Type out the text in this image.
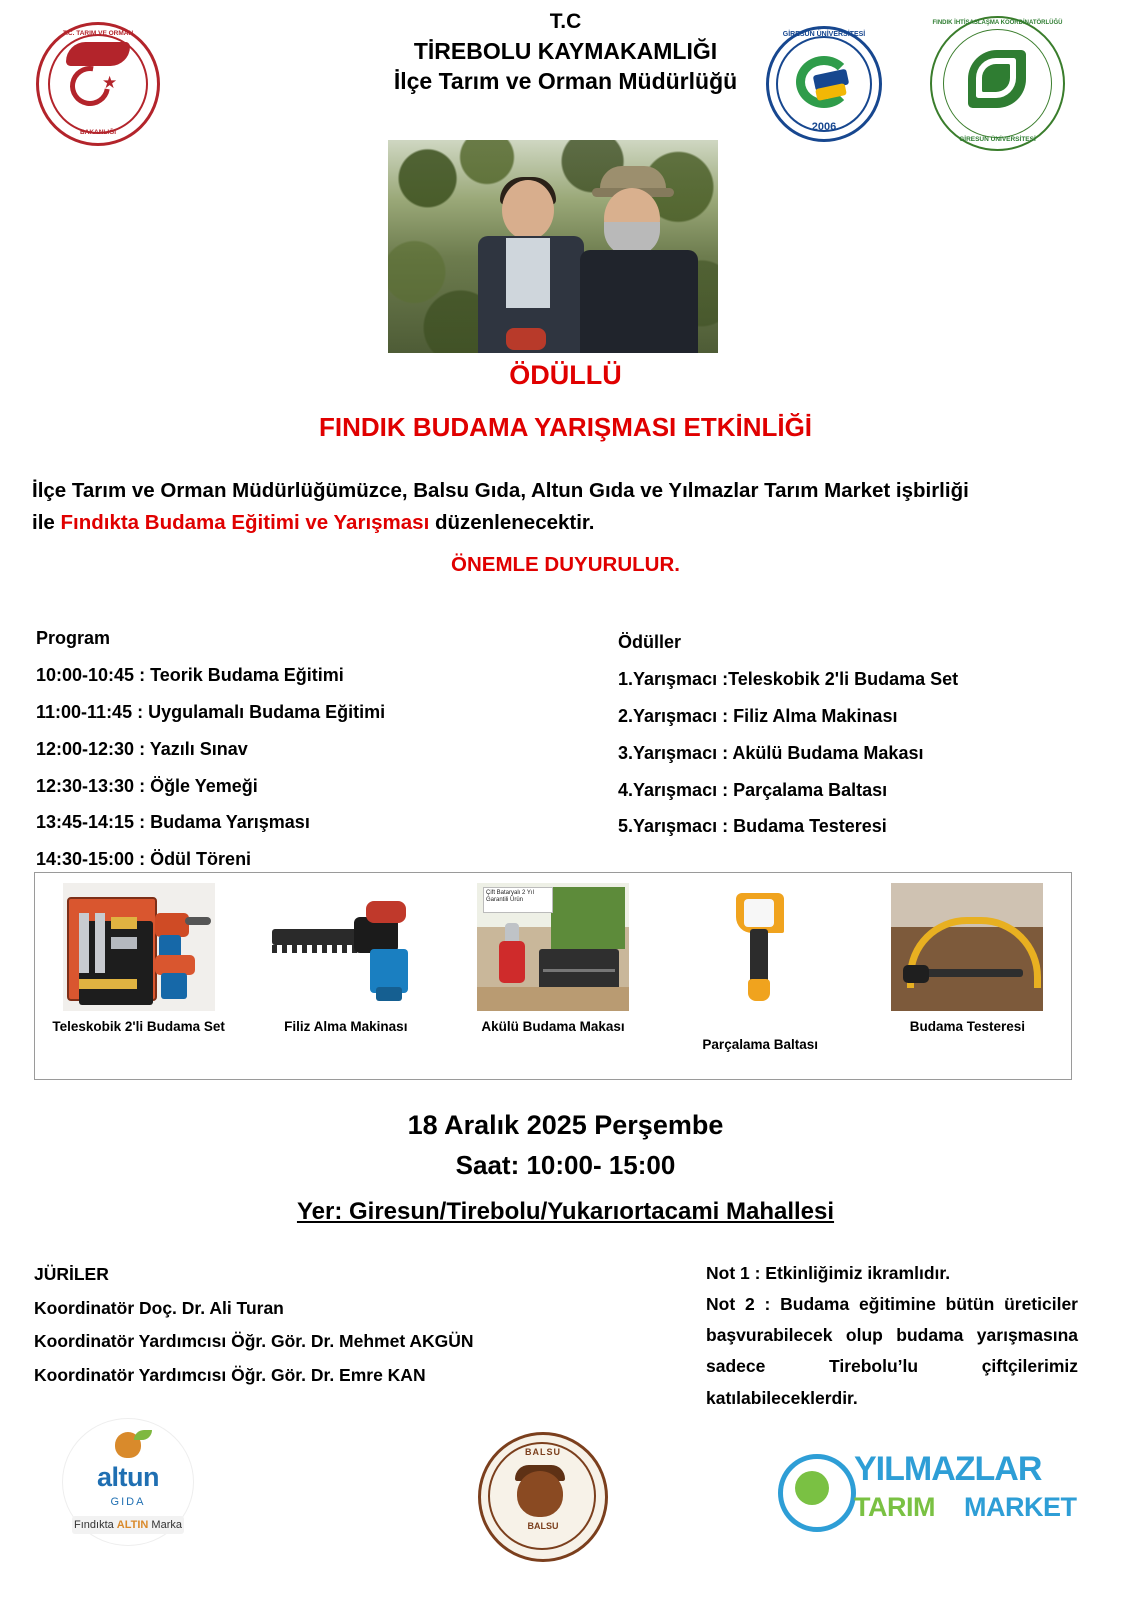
T.C. TARIM VE ORMAN
★
BAKANLIĞI
T.C
TİREBOLU KAYMAKAMLIĞI
İlçe Tarım ve Orman Müdürlüğü
GİRESUN ÜNİVERSİTESİ
2006
FINDIK İHTİSASLAŞMA KOORDİNATÖRLÜĞÜ
GİRESUN ÜNİVERSİTESİ
ÖDÜLLÜ
FINDIK BUDAMA YARIŞMASI ETKİNLİĞİ
İlçe Tarım ve Orman Müdürlüğümüzce, Balsu Gıda, Altun Gıda ve Yılmazlar Tarım Market işbirliği
ile Fındıkta Budama Eğitimi ve Yarışması düzenlenecektir.
ÖNEMLE DUYURULUR.
Program
10:00-10:45 : Teorik Budama Eğitimi
11:00-11:45 : Uygulamalı Budama Eğitimi
12:00-12:30 : Yazılı Sınav
12:30-13:30 : Öğle Yemeği
13:45-14:15 : Budama Yarışması
14:30-15:00 : Ödül Töreni
Ödüller
1.Yarışmacı :Teleskobik 2'li Budama Set
2.Yarışmacı : Filiz Alma Makinası
3.Yarışmacı : Akülü Budama Makası
4.Yarışmacı : Parçalama Baltası
5.Yarışmacı : Budama Testeresi
Teleskobik 2'li Budama Set	Filiz Alma Makinası
Çift Bataryalı 2 Yıl Garantili Ürün
Akülü Budama Makası
Parçalama Baltası
Budama Testeresi
18 Aralık 2025 Perşembe
Saat: 10:00- 15:00
Yer: Giresun/Tirebolu/Yukarıortacami Mahallesi
JÜRİLER
Koordinatör Doç. Dr. Ali Turan
Koordinatör Yardımcısı Öğr. Gör. Dr. Mehmet AKGÜN
Koordinatör Yardımcısı Öğr. Gör. Dr. Emre KAN
Not 1 : Etkinliğimiz ikramlıdır.
Not 2 : Budama eğitimine bütün üreticiler başvurabilecek olup budama yarışmasına sadece Tirebolu’lu çiftçilerimiz katılabileceklerdir.
altun
GIDA
Fındıkta ALTIN Marka
BALSU
BALSU
YILMAZLAR
TARIM MARKET
